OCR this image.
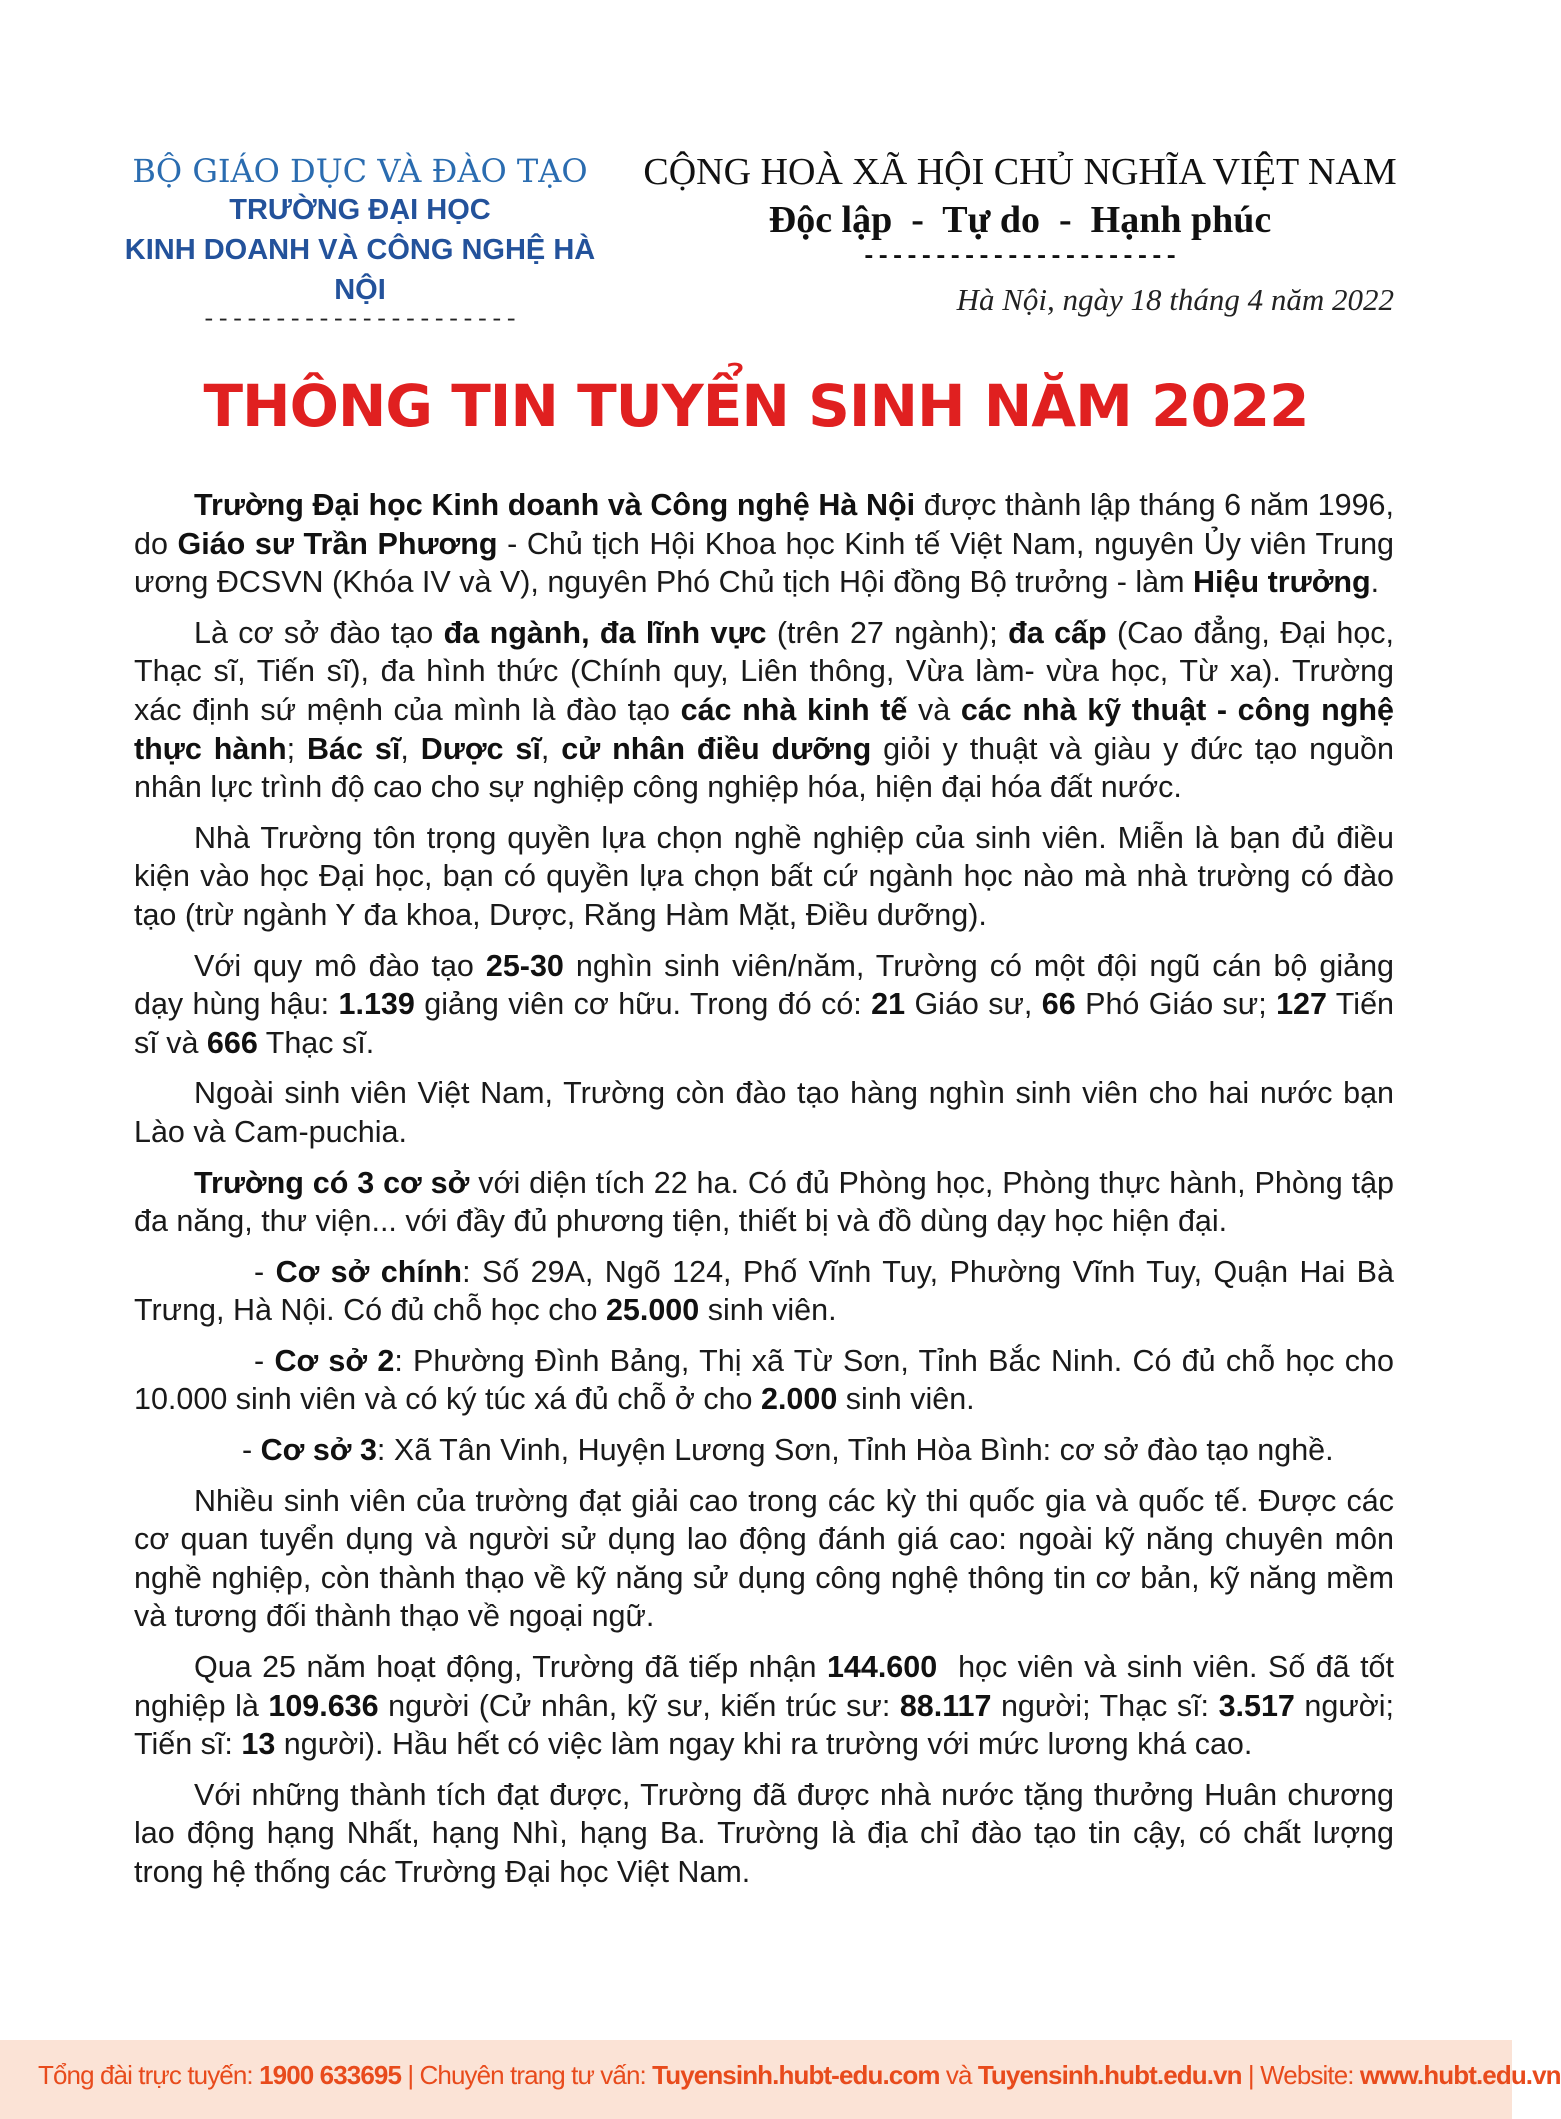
BỘ GIÁO DỤC VÀ ĐÀO TẠO
TRƯỜNG ĐẠI HỌC
KINH DOANH VÀ CÔNG NGHỆ HÀ NỘI
----------------------
CỘNG HOÀ XÃ HỘI CHỦ NGHĨA VIỆT NAM
Độc lập  -  Tự do  -  Hạnh phúc
----------------------
Hà Nội, ngày 18 tháng 4 năm 2022
THÔNG TIN TUYỂN SINH NĂM 2022

Trường Đại học Kinh doanh và Công nghệ Hà Nội được thành lập tháng 6 năm 1996, do Giáo sư Trần Phương - Chủ tịch Hội Khoa học Kinh tế Việt Nam, nguyên Ủy viên Trung ương ĐCSVN (Khóa IV và V), nguyên Phó Chủ tịch Hội đồng Bộ trưởng - làm Hiệu trưởng.

Là cơ sở đào tạo đa ngành, đa lĩnh vực (trên 27 ngành); đa cấp (Cao đẳng, Đại học, Thạc sĩ, Tiến sĩ), đa hình thức (Chính quy, Liên thông, Vừa làm- vừa học, Từ xa). Trường xác định sứ mệnh của mình là đào tạo các nhà kinh tế và các nhà kỹ thuật - công nghệ thực hành; Bác sĩ, Dược sĩ, cử nhân điều dưỡng giỏi y thuật và giàu y đức tạo nguồn nhân lực trình độ cao cho sự nghiệp công nghiệp hóa, hiện đại hóa đất nước.

Nhà Trường tôn trọng quyền lựa chọn nghề nghiệp của sinh viên. Miễn là bạn đủ điều kiện vào học Đại học, bạn có quyền lựa chọn bất cứ ngành học nào mà nhà trường có đào tạo (trừ ngành Y đa khoa, Dược, Răng Hàm Mặt, Điều dưỡng).

Với quy mô đào tạo 25-30 nghìn sinh viên/năm, Trường có một đội ngũ cán bộ giảng dạy hùng hậu: 1.139 giảng viên cơ hữu. Trong đó có: 21 Giáo sư, 66 Phó Giáo sư; 127 Tiến sĩ và 666 Thạc sĩ.

Ngoài sinh viên Việt Nam, Trường còn đào tạo hàng nghìn sinh viên cho hai nước bạn Lào và Cam-puchia.

Trường có 3 cơ sở với diện tích 22 ha. Có đủ Phòng học, Phòng thực hành, Phòng tập đa năng, thư viện... với đầy đủ phương tiện, thiết bị và đồ dùng dạy học hiện đại.

- Cơ sở chính: Số 29A, Ngõ 124, Phố Vĩnh Tuy, Phường Vĩnh Tuy, Quận Hai Bà Trưng, Hà Nội. Có đủ chỗ học cho 25.000 sinh viên.

- Cơ sở 2: Phường Đình Bảng, Thị xã Từ Sơn, Tỉnh Bắc Ninh. Có đủ chỗ học cho 10.000 sinh viên và có ký túc xá đủ chỗ ở cho 2.000 sinh viên.

- Cơ sở 3: Xã Tân Vinh, Huyện Lương Sơn, Tỉnh Hòa Bình: cơ sở đào tạo nghề.

Nhiều sinh viên của trường đạt giải cao trong các kỳ thi quốc gia và quốc tế. Được các cơ quan tuyển dụng và người sử dụng lao động đánh giá cao: ngoài kỹ năng chuyên môn nghề nghiệp, còn thành thạo về kỹ năng sử dụng công nghệ thông tin cơ bản, kỹ năng mềm và tương đối thành thạo về ngoại ngữ.

Qua 25 năm hoạt động, Trường đã tiếp nhận 144.600  học viên và sinh viên. Số đã tốt nghiệp là 109.636 người (Cử nhân, kỹ sư, kiến trúc sư: 88.117 người; Thạc sĩ: 3.517 người; Tiến sĩ: 13 người). Hầu hết có việc làm ngay khi ra trường với mức lương khá cao.

Với những thành tích đạt được, Trường đã được nhà nước tặng thưởng Huân chương lao động hạng Nhất, hạng Nhì, hạng Ba. Trường là địa chỉ đào tạo tin cậy, có chất lượng trong hệ thống các Trường Đại học Việt Nam.

Tổng đài trực tuyến: 1900 633695 | Chuyên trang tư vấn: Tuyensinh.hubt-edu.com và Tuyensinh.hubt.edu.vn | Website: www.hubt.edu.vn
